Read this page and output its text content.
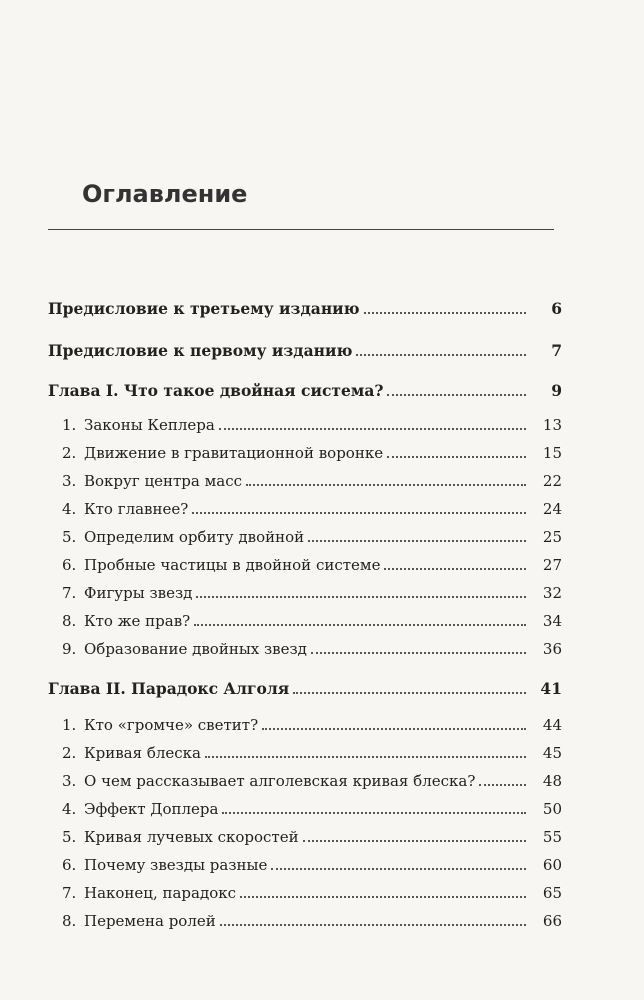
Оглавление
Предисловие к третьему изданию	6
Предисловие к первому изданию	7
Глава I. Что такое двойная система?	9
1. Законы Кеплера	13
2. Движение в гравитационной воронке	15
3. Вокруг центра масс	22
4. Кто главнее?	24
5. Определим орбиту двойной	25
6. Пробные частицы в двойной системе	27
7. Фигуры звезд	32
8. Кто же прав?	34
9. Образование двойных звезд	36
Глава II. Парадокс Алголя	41
1. Кто «громче» светит?	44
2. Кривая блеска	45
3. О чем рассказывает алголевская кривая блеска?	48
4. Эффект Доплера	50
5. Кривая лучевых скоростей	55
6. Почему звезды разные	60
7. Наконец, парадокс	65
8. Перемена ролей	66
